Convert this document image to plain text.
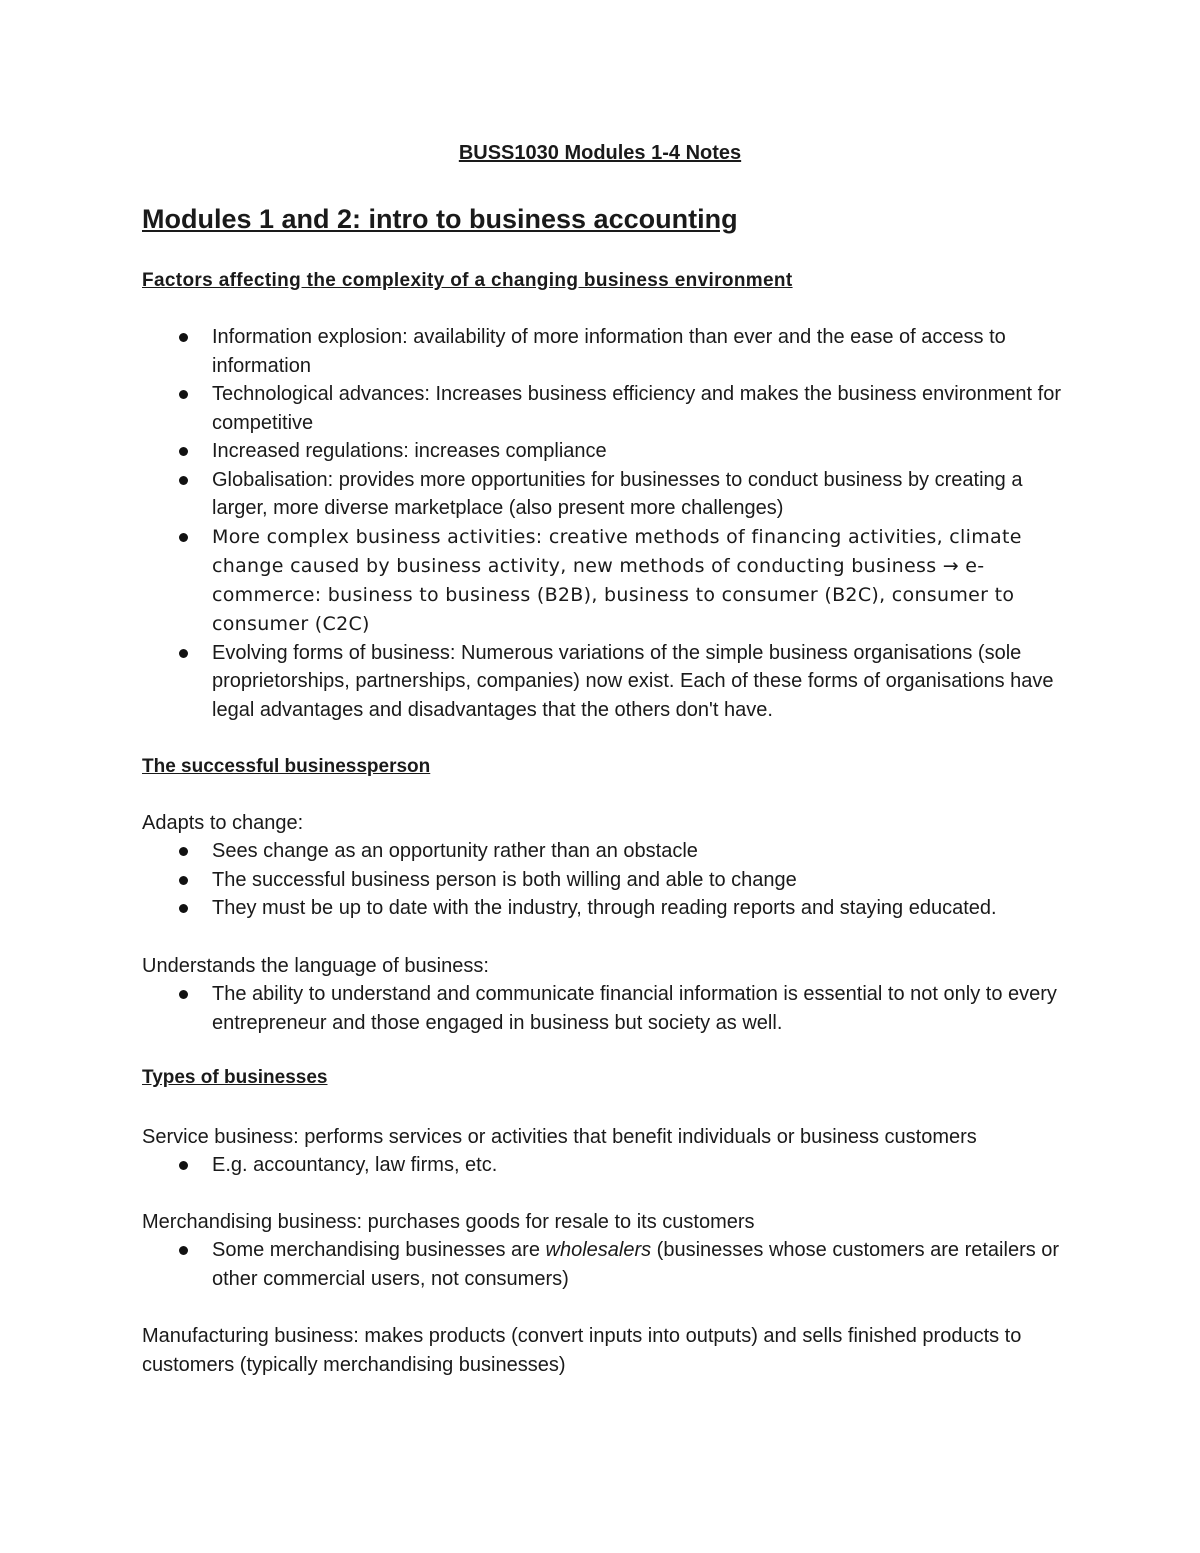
BUSS1030 Modules 1-4 Notes
Modules 1 and 2: intro to business accounting
Factors affecting the complexity of a changing business environment
Information explosion: availability of more information than ever and the ease of access to information
Technological advances: Increases business efficiency and makes the business environment for competitive
Increased regulations: increases compliance
Globalisation: provides more opportunities for businesses to conduct business by creating a larger, more diverse marketplace (also present more challenges)
More complex business activities: creative methods of financing activities, climate change caused by business activity, new methods of conducting business → e-commerce: business to business (B2B), business to consumer (B2C), consumer to consumer (C2C)
Evolving forms of business: Numerous variations of the simple business organisations (sole proprietorships, partnerships, companies) now exist. Each of these forms of organisations have legal advantages and disadvantages that the others don't have.
The successful businessperson
Adapts to change:
Sees change as an opportunity rather than an obstacle
The successful business person is both willing and able to change
They must be up to date with the industry, through reading reports and staying educated.
Understands the language of business:
The ability to understand and communicate financial information is essential to not only to every entrepreneur and those engaged in business but society as well.
Types of businesses
Service business: performs services or activities that benefit individuals or business customers
E.g. accountancy, law firms, etc.
Merchandising business: purchases goods for resale to its customers
Some merchandising businesses are wholesalers (businesses whose customers are retailers or other commercial users, not consumers)
Manufacturing business: makes products (convert inputs into outputs) and sells finished products to customers (typically merchandising businesses)
